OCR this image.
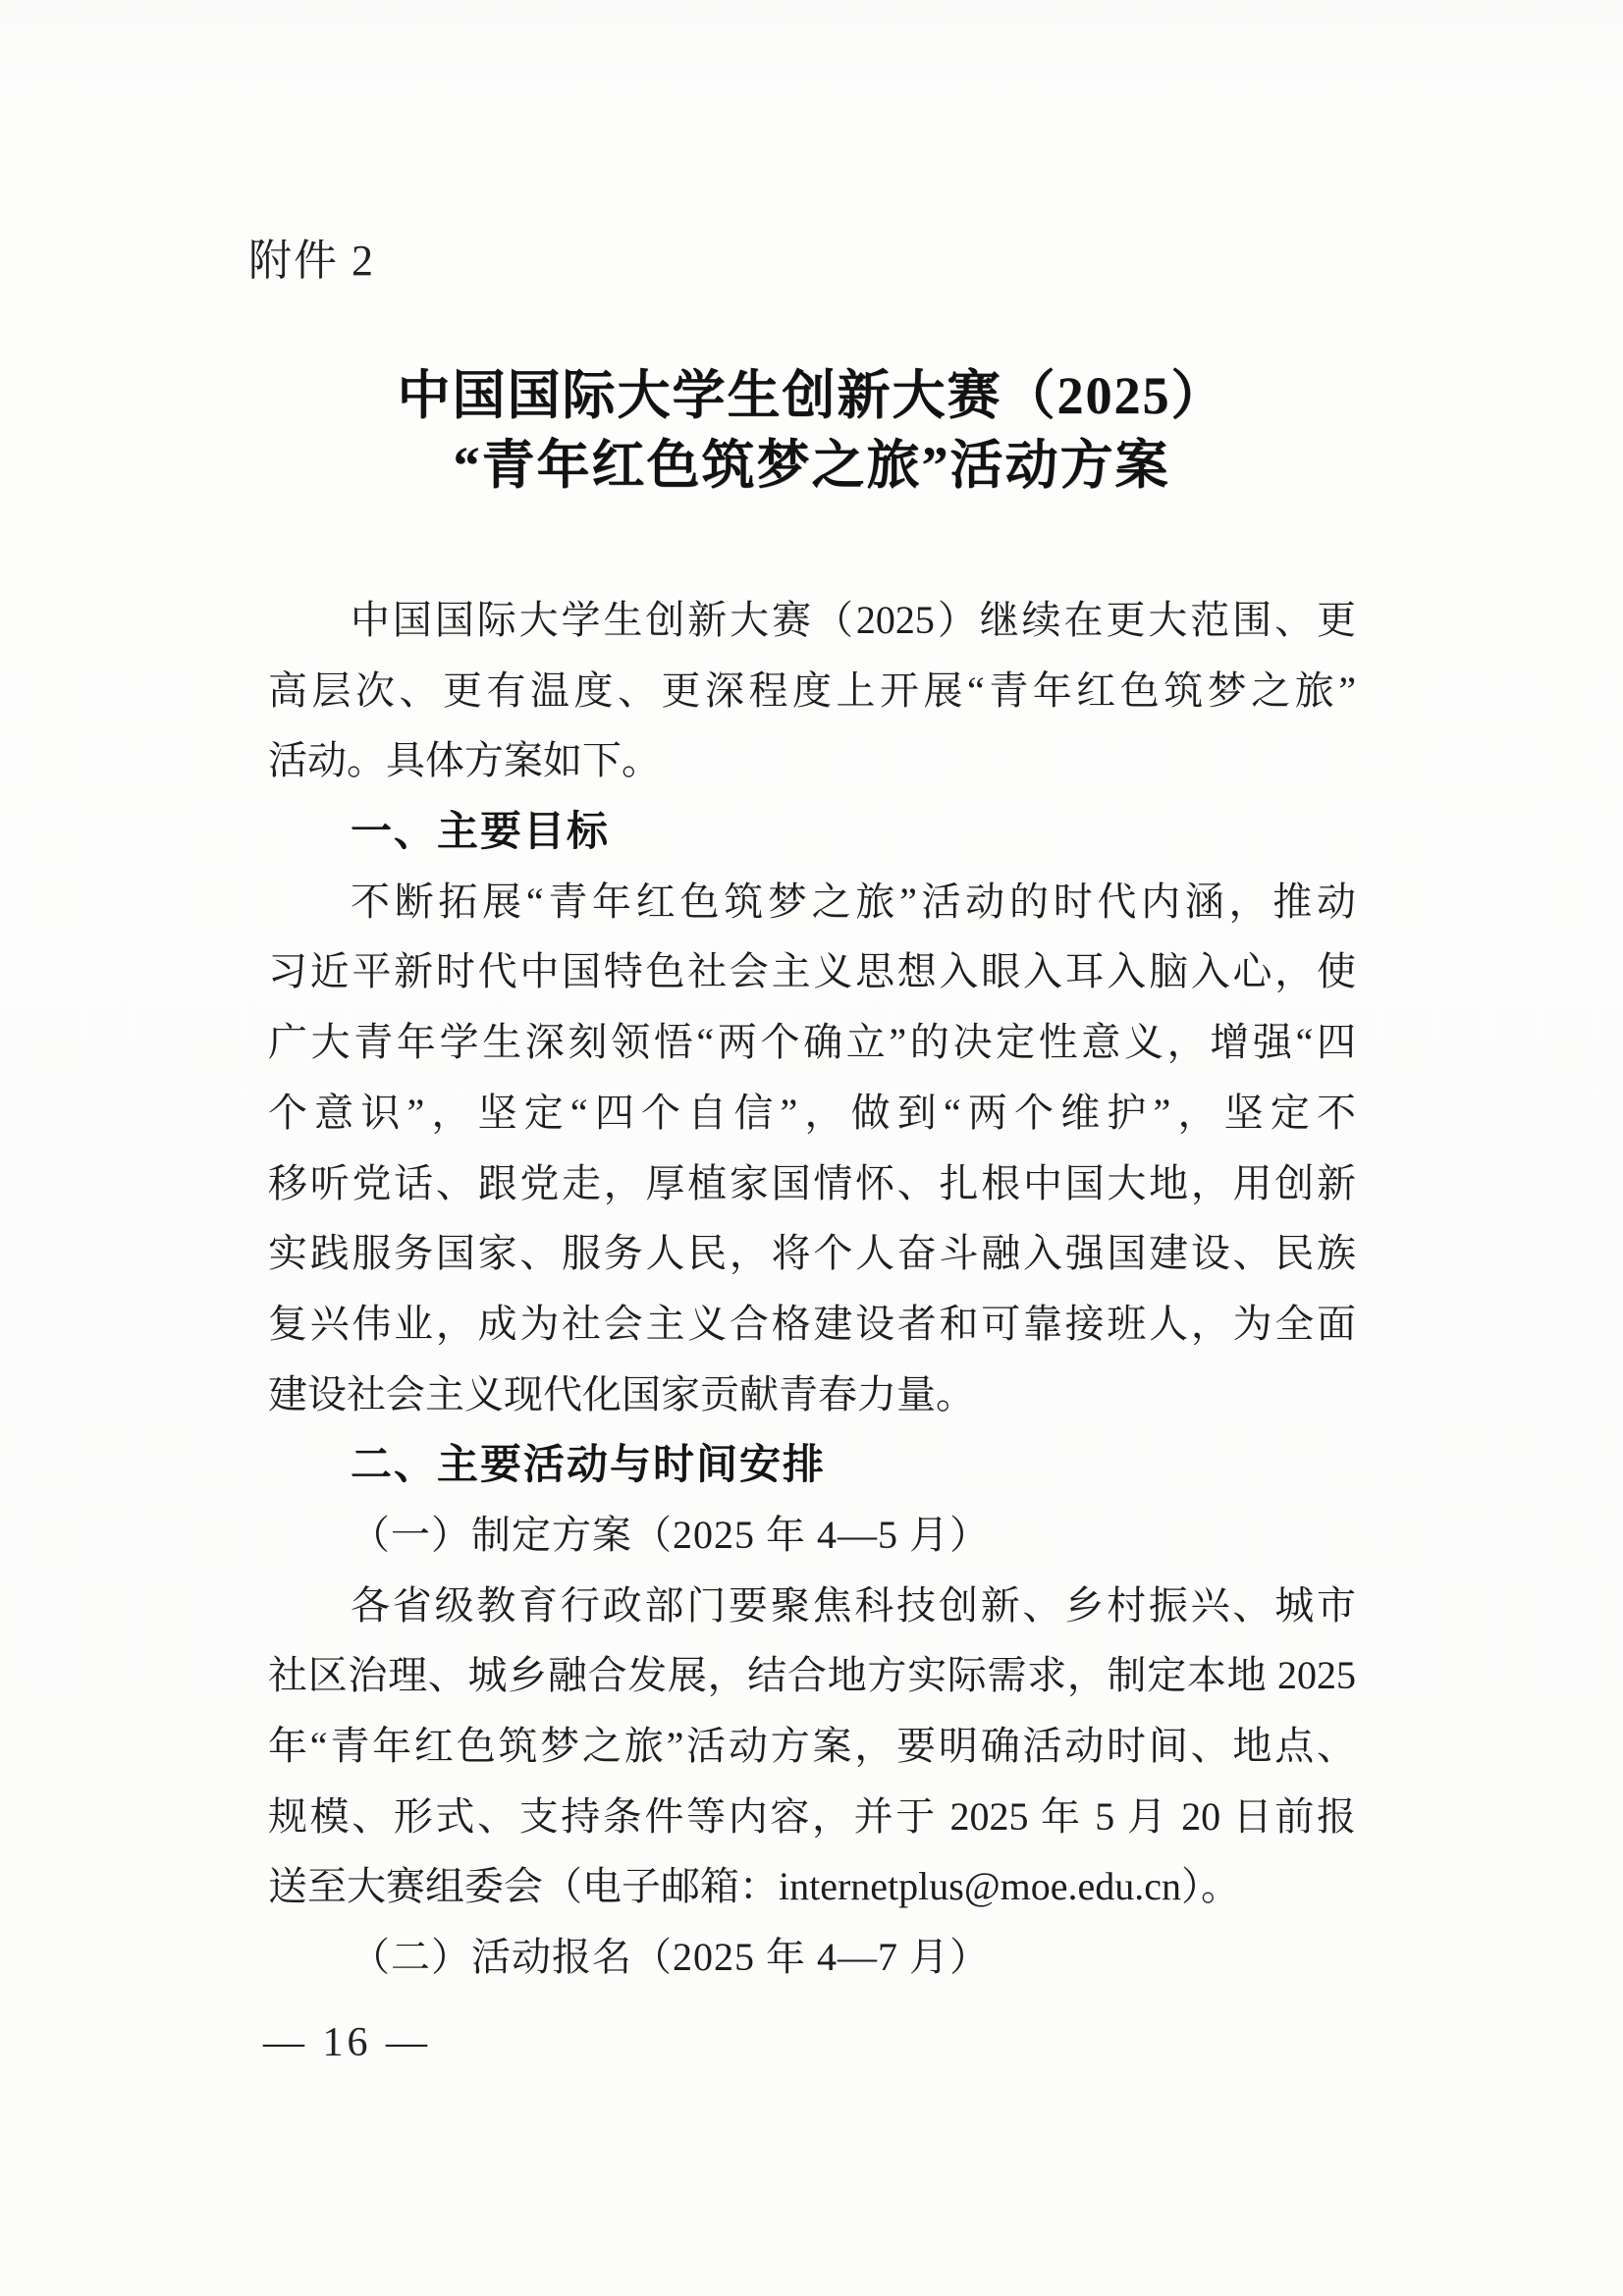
附件 2
中国国际大学生创新大赛（2025）
“青年红色筑梦之旅”活动方案
中国国际大学生创新大赛（2025）继续在更大范围、更
高层次、更有温度、更深程度上开展“青年红色筑梦之旅”
活动。具体方案如下。
一、主要目标
不断拓展“青年红色筑梦之旅”活动的时代内涵，推动
习近平新时代中国特色社会主义思想入眼入耳入脑入心，使
广大青年学生深刻领悟“两个确立”的决定性意义，增强“四
个意识”，坚定“四个自信”，做到“两个维护”，坚定不
移听党话、跟党走，厚植家国情怀、扎根中国大地，用创新
实践服务国家、服务人民，将个人奋斗融入强国建设、民族
复兴伟业，成为社会主义合格建设者和可靠接班人，为全面
建设社会主义现代化国家贡献青春力量。
二、主要活动与时间安排
（一）制定方案（2025 年 4—5 月）
各省级教育行政部门要聚焦科技创新、乡村振兴、城市
社区治理、城乡融合发展，结合地方实际需求，制定本地 2025
年“青年红色筑梦之旅”活动方案，要明确活动时间、地点、
规模、形式、支持条件等内容，并于 2025 年 5 月 20 日前报
送至大赛组委会（电子邮箱：internetplus@moe.edu.cn）。
（二）活动报名（2025 年 4—7 月）
— 16 —
